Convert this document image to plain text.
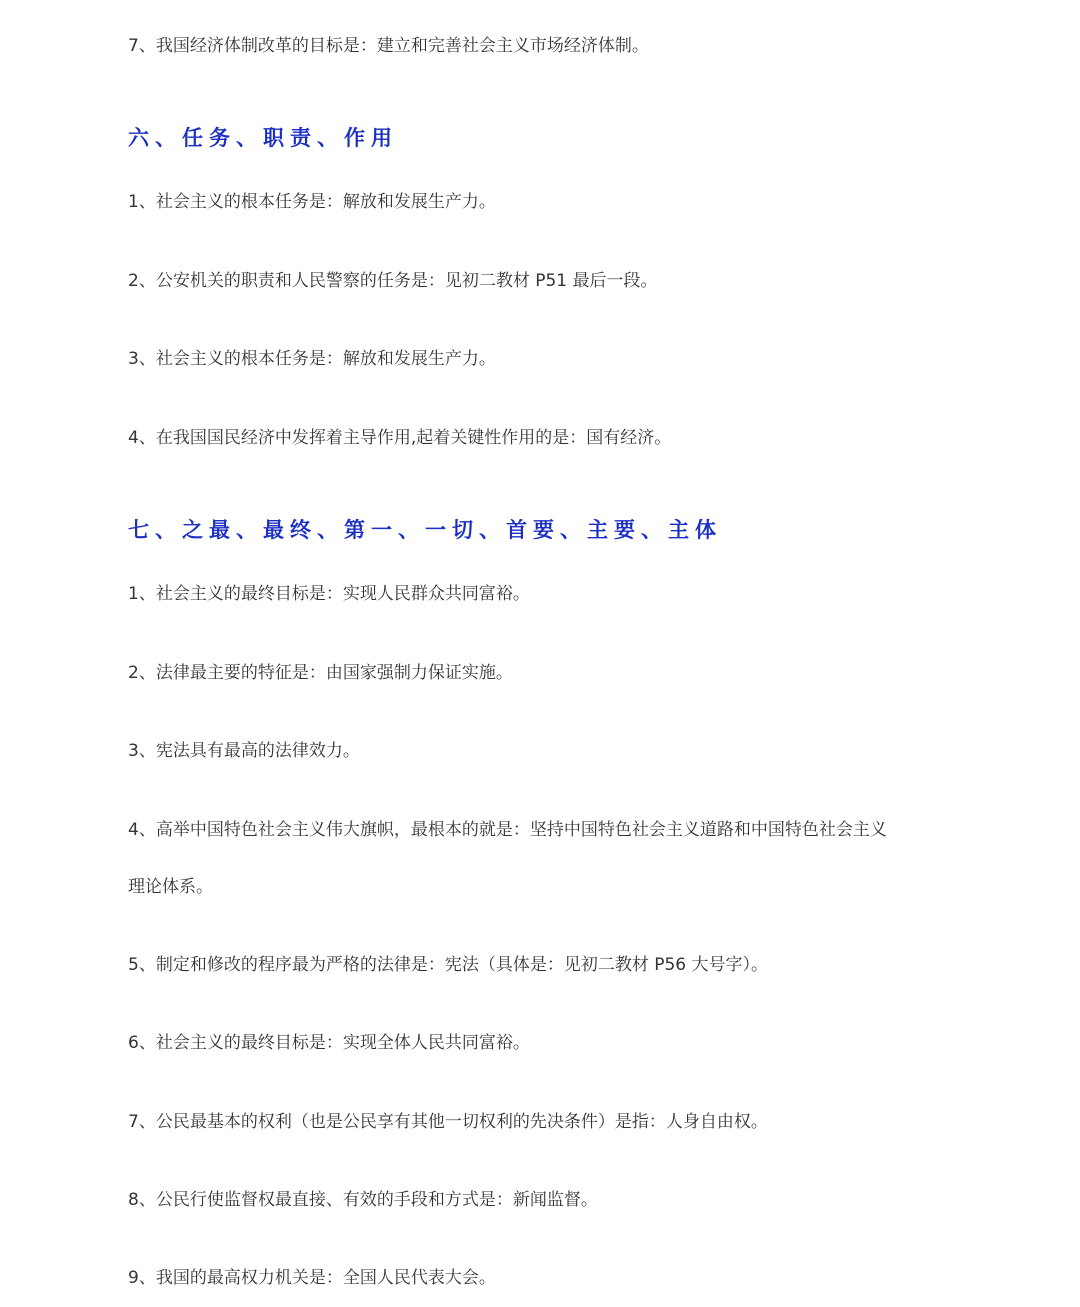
7、我国经济体制改革的目标是：建立和完善社会主义市场经济体制。
六、任务、职责、作用
1、社会主义的根本任务是：解放和发展生产力。
2、公安机关的职责和人民警察的任务是：见初二教材 P51 最后一段。
3、社会主义的根本任务是：解放和发展生产力。
4、在我国国民经济中发挥着主导作用,起着关键性作用的是：国有经济。
七、之最、最终、第一、一切、首要、主要、主体
1、社会主义的最终目标是：实现人民群众共同富裕。
2、法律最主要的特征是：由国家强制力保证实施。
3、宪法具有最高的法律效力。
4、高举中国特色社会主义伟大旗帜，最根本的就是：坚持中国特色社会主义道路和中国特色社会主义
理论体系。
5、制定和修改的程序最为严格的法律是：宪法（具体是：见初二教材 P56 大号字）。
6、社会主义的最终目标是：实现全体人民共同富裕。
7、公民最基本的权利（也是公民享有其他一切权利的先决条件）是指：人身自由权。
8、公民行使监督权最直接、有效的手段和方式是：新闻监督。
9、我国的最高权力机关是：全国人民代表大会。
